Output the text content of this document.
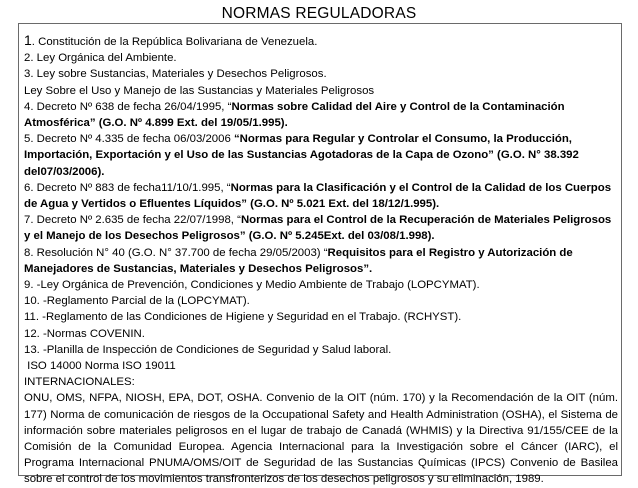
NORMAS REGULADORAS

1. Constitución de la República Bolivariana de Venezuela.

2. Ley Orgánica del Ambiente.

3. Ley sobre Sustancias, Materiales y Desechos Peligrosos.

Ley Sobre el Uso y Manejo de las Sustancias y Materiales Peligrosos

4. Decreto Nº 638 de fecha 26/04/1995, “Normas sobre Calidad del Aire y Control de la Contaminación Atmosférica” (G.O. Nº 4.899 Ext. del 19/05/1.995).

5. Decreto Nº 4.335 de fecha 06/03/2006 “Normas para Regular y Controlar el Consumo, la Producción, Importación, Exportación y el Uso de las Sustancias Agotadoras de la Capa de Ozono” (G.O. N° 38.392 del07/03/2006).

6. Decreto Nº 883 de fecha11/10/1.995, “Normas para la Clasificación y el Control de la Calidad de los Cuerpos de Agua y Vertidos o Efluentes Líquidos” (G.O. Nº 5.021 Ext. del 18/12/1.995).

7. Decreto Nº 2.635 de fecha 22/07/1998, “Normas para el Control de la Recuperación de Materiales Peligrosos y el Manejo de los Desechos Peligrosos” (G.O. Nº 5.245Ext. del 03/08/1.998).

8. Resolución N° 40 (G.O. N° 37.700 de fecha 29/05/2003) “Requisitos para el Registro y Autorización de Manejadores de Sustancias, Materiales y Desechos Peligrosos”.

9. -Ley Orgánica de Prevención, Condiciones y Medio Ambiente de Trabajo (LOPCYMAT).

10. -Reglamento Parcial de la (LOPCYMAT).

11. -Reglamento de las Condiciones de Higiene y Seguridad en el Trabajo. (RCHYST).

12. -Normas COVENIN.

13. -Planilla de Inspección de Condiciones de Seguridad y Salud laboral.

ISO 14000 Norma ISO 19011

INTERNACIONALES:

ONU, OMS, NFPA, NIOSH, EPA, DOT, OSHA. Convenio de la OIT (núm. 170) y la Recomendación de la OIT (núm. 177) Norma de comunicación de riesgos de la Occupational Safety and Health Administration (OSHA), el Sistema de información sobre materiales peligrosos en el lugar de trabajo de Canadá (WHMIS) y la Directiva 91/155/CEE de la Comisión de la Comunidad Europea. Agencia Internacional para la Investigación sobre el Cáncer (IARC), el Programa Internacional PNUMA/OMS/OIT de Seguridad de las Sustancias Químicas (IPCS) Convenio de Basilea sobre el control de los movimientos transfronterizos de los desechos peligrosos y su eliminación, 1989.
